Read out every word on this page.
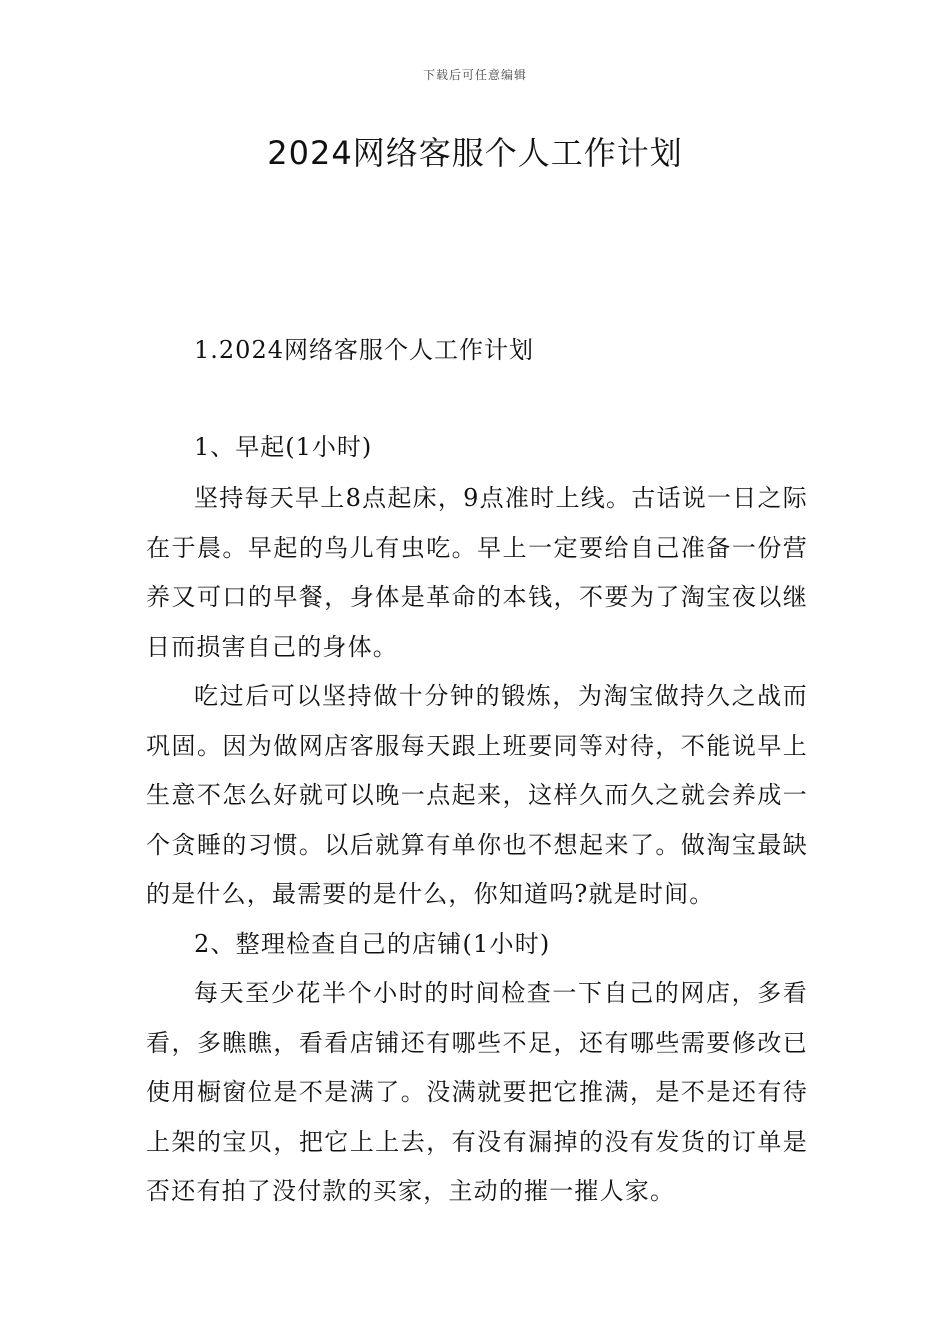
下载后可任意编辑
2024网络客服个人工作计划
1.2024网络客服个人工作计划
1、早起(1小时)

坚持每天早上8点起床，9点准时上线。古话说一日之际在于晨。早起的鸟儿有虫吃。早上一定要给自己准备一份营养又可口的早餐，身体是革命的本钱，不要为了淘宝夜以继日而损害自己的身体。

吃过后可以坚持做十分钟的锻炼，为淘宝做持久之战而巩固。因为做网店客服每天跟上班要同等对待，不能说早上生意不怎么好就可以晚一点起来，这样久而久之就会养成一个贪睡的习惯。以后就算有单你也不想起来了。做淘宝最缺的是什么，最需要的是什么，你知道吗?就是时间。

2、整理检查自己的店铺(1小时)

每天至少花半个小时的时间检查一下自己的网店，多看看，多瞧瞧，看看店铺还有哪些不足，还有哪些需要修改已使用橱窗位是不是满了。没满就要把它推满，是不是还有待上架的宝贝，把它上上去，有没有漏掉的没有发货的订单是否还有拍了没付款的买家，主动的摧一摧人家。
